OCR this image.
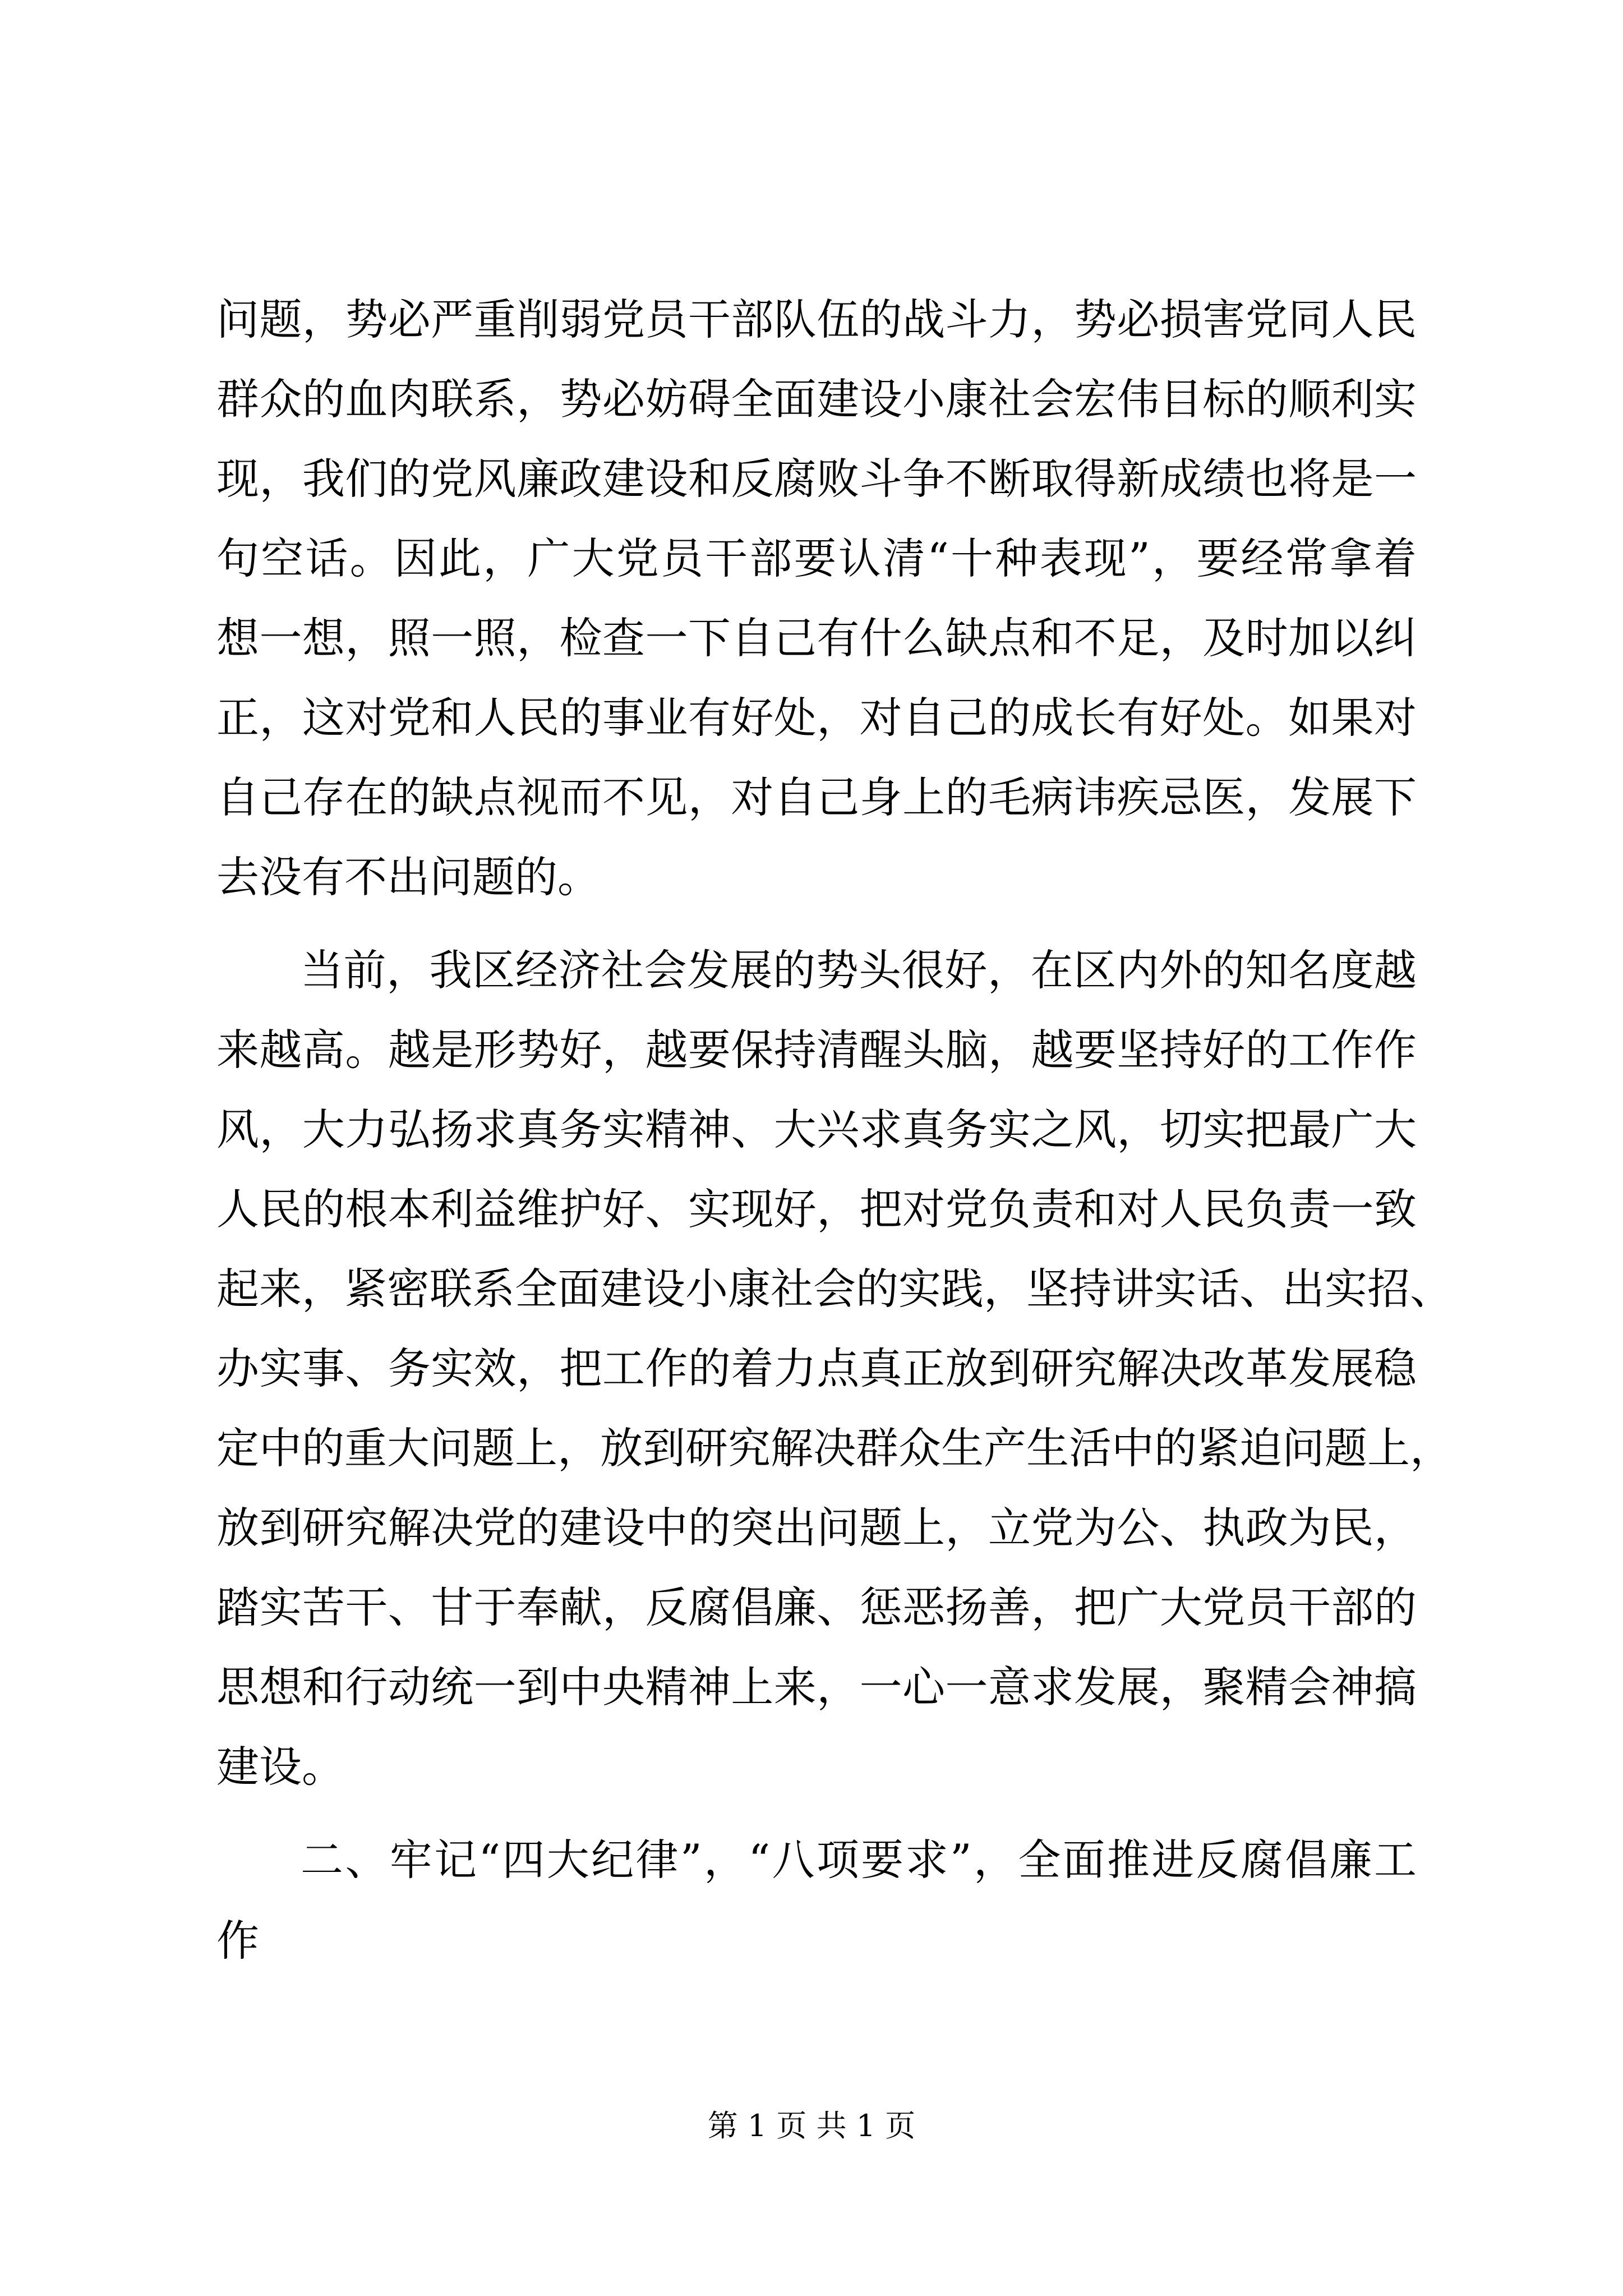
问题，势必严重削弱党员干部队伍的战斗力，势必损害党同人民
群众的血肉联系，势必妨碍全面建设小康社会宏伟目标的顺利实
现，我们的党风廉政建设和反腐败斗争不断取得新成绩也将是一
句空话。因此，广大党员干部要认清“十种表现”，要经常拿着
想一想，照一照，检查一下自己有什么缺点和不足，及时加以纠
正，这对党和人民的事业有好处，对自己的成长有好处。如果对
自己存在的缺点视而不见，对自己身上的毛病讳疾忌医，发展下
去没有不出问题的。
当前，我区经济社会发展的势头很好，在区内外的知名度越
来越高。越是形势好，越要保持清醒头脑，越要坚持好的工作作
风，大力弘扬求真务实精神、大兴求真务实之风，切实把最广大
人民的根本利益维护好、实现好，把对党负责和对人民负责一致
起来，紧密联系全面建设小康社会的实践，坚持讲实话、出实招、
办实事、务实效，把工作的着力点真正放到研究解决改革发展稳
定中的重大问题上，放到研究解决群众生产生活中的紧迫问题上，
放到研究解决党的建设中的突出问题上，立党为公、执政为民，
踏实苦干、甘于奉献，反腐倡廉、惩恶扬善，把广大党员干部的
思想和行动统一到中央精神上来，一心一意求发展，聚精会神搞
建设。
二、牢记“四大纪律”，“八项要求”，全面推进反腐倡廉工
作
第 1 页 共 1 页
